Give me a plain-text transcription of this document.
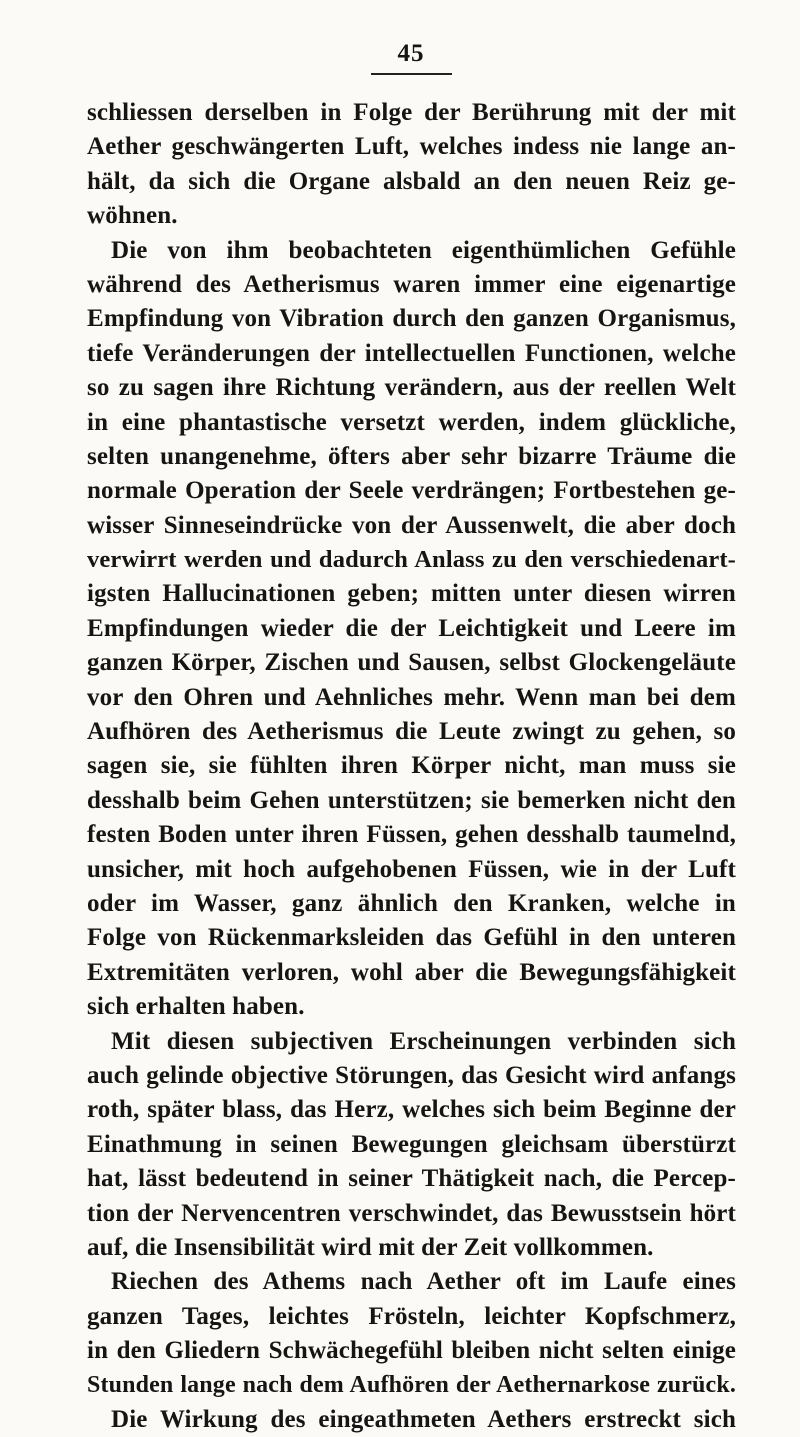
45
schliessen derselben in Folge der Berührung mit der mit
Aether geschwängerten Luft, welches indess nie lange an-
hält, da sich die Organe alsbald an den neuen Reiz ge-
wöhnen.
Die von ihm beobachteten eigenthümlichen Gefühle
während des Aetherismus waren immer eine eigenartige
Empfindung von Vibration durch den ganzen Organismus,
tiefe Veränderungen der intellectuellen Functionen, welche
so zu sagen ihre Richtung verändern, aus der reellen Welt
in eine phantastische versetzt werden, indem glückliche,
selten unangenehme, öfters aber sehr bizarre Träume die
normale Operation der Seele verdrängen; Fortbestehen ge-
wisser Sinneseindrücke von der Aussenwelt, die aber doch
verwirrt werden und dadurch Anlass zu den verschiedenart-
igsten Hallucinationen geben; mitten unter diesen wirren
Empfindungen wieder die der Leichtigkeit und Leere im
ganzen Körper, Zischen und Sausen, selbst Glockengeläute
vor den Ohren und Aehnliches mehr. Wenn man bei dem
Aufhören des Aetherismus die Leute zwingt zu gehen, so
sagen sie, sie fühlten ihren Körper nicht, man muss sie
desshalb beim Gehen unterstützen; sie bemerken nicht den
festen Boden unter ihren Füssen, gehen desshalb taumelnd,
unsicher, mit hoch aufgehobenen Füssen, wie in der Luft
oder im Wasser, ganz ähnlich den Kranken, welche in
Folge von Rückenmarksleiden das Gefühl in den unteren
Extremitäten verloren, wohl aber die Bewegungsfähigkeit
sich erhalten haben.
Mit diesen subjectiven Erscheinungen verbinden sich
auch gelinde objective Störungen, das Gesicht wird anfangs
roth, später blass, das Herz, welches sich beim Beginne der
Einathmung in seinen Bewegungen gleichsam überstürzt
hat, lässt bedeutend in seiner Thätigkeit nach, die Percep-
tion der Nervencentren verschwindet, das Bewusstsein hört
auf, die Insensibilität wird mit der Zeit vollkommen.
Riechen des Athems nach Aether oft im Laufe eines
ganzen Tages, leichtes Frösteln, leichter Kopfschmerz,
in den Gliedern Schwächegefühl bleiben nicht selten einige
Stunden lange nach dem Aufhören der Aethernarkose zurück.
Die Wirkung des eingeathmeten Aethers erstreckt sich
